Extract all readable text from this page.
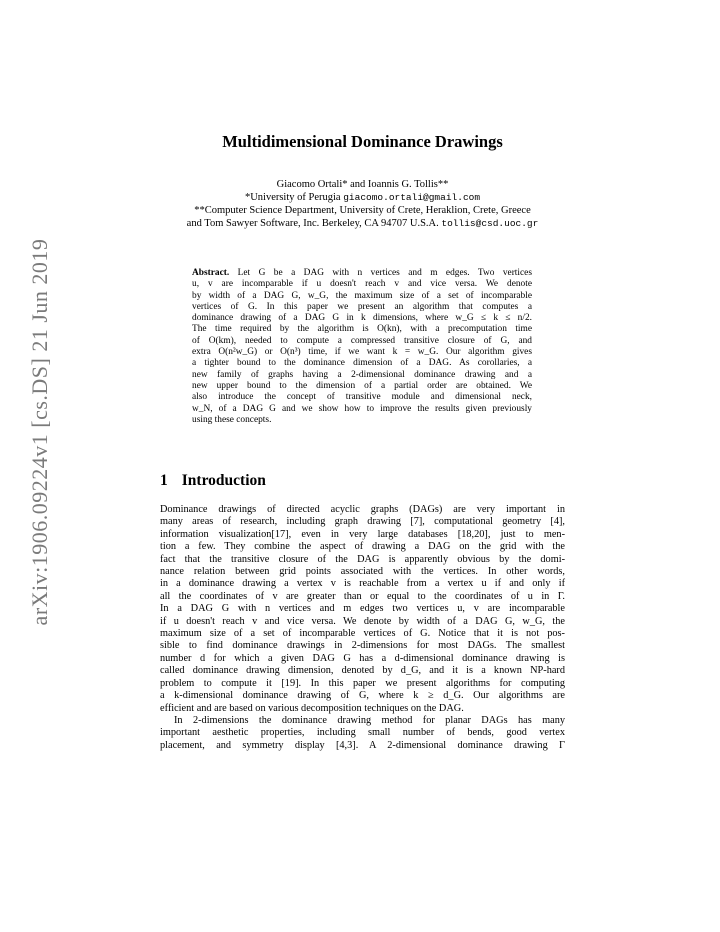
arXiv:1906.09224v1 [cs.DS] 21 Jun 2019
Multidimensional Dominance Drawings
Giacomo Ortali* and Ioannis G. Tollis**
*University of Perugia giacomo.ortali@gmail.com
**Computer Science Department, University of Crete, Heraklion, Crete, Greece
and Tom Sawyer Software, Inc. Berkeley, CA 94707 U.S.A. tollis@csd.uoc.gr
Abstract. Let G be a DAG with n vertices and m edges. Two vertices
u, v are incomparable if u doesn't reach v and vice versa. We denote
by width of a DAG G, w_G, the maximum size of a set of incomparable
vertices of G. In this paper we present an algorithm that computes a
dominance drawing of a DAG G in k dimensions, where w_G ≤ k ≤ n/2.
The time required by the algorithm is O(kn), with a precomputation time
of O(km), needed to compute a compressed transitive closure of G, and
extra O(n²w_G) or O(n³) time, if we want k = w_G. Our algorithm gives
a tighter bound to the dominance dimension of a DAG. As corollaries, a
new family of graphs having a 2-dimensional dominance drawing and a
new upper bound to the dimension of a partial order are obtained. We
also introduce the concept of transitive module and dimensional neck,
w_N, of a DAG G and we show how to improve the results given previously
using these concepts.
1 Introduction
Dominance drawings of directed acyclic graphs (DAGs) are very important in
many areas of research, including graph drawing [7], computational geometry [4],
information visualization[17], even in very large databases [18,20], just to men-
tion a few. They combine the aspect of drawing a DAG on the grid with the
fact that the transitive closure of the DAG is apparently obvious by the domi-
nance relation between grid points associated with the vertices. In other words,
in a dominance drawing a vertex v is reachable from a vertex u if and only if
all the coordinates of v are greater than or equal to the coordinates of u in Γ.
In a DAG G with n vertices and m edges two vertices u, v are incomparable
if u doesn't reach v and vice versa. We denote by width of a DAG G, w_G, the
maximum size of a set of incomparable vertices of G. Notice that it is not pos-
sible to find dominance drawings in 2-dimensions for most DAGs. The smallest
number d for which a given DAG G has a d-dimensional dominance drawing is
called dominance drawing dimension, denoted by d_G, and it is a known NP-hard
problem to compute it [19]. In this paper we present algorithms for computing
a k-dimensional dominance drawing of G, where k ≥ d_G. Our algorithms are
efficient and are based on various decomposition techniques on the DAG.
In 2-dimensions the dominance drawing method for planar DAGs has many
important aesthetic properties, including small number of bends, good vertex
placement, and symmetry display [4,3]. A 2-dimensional dominance drawing Γ
